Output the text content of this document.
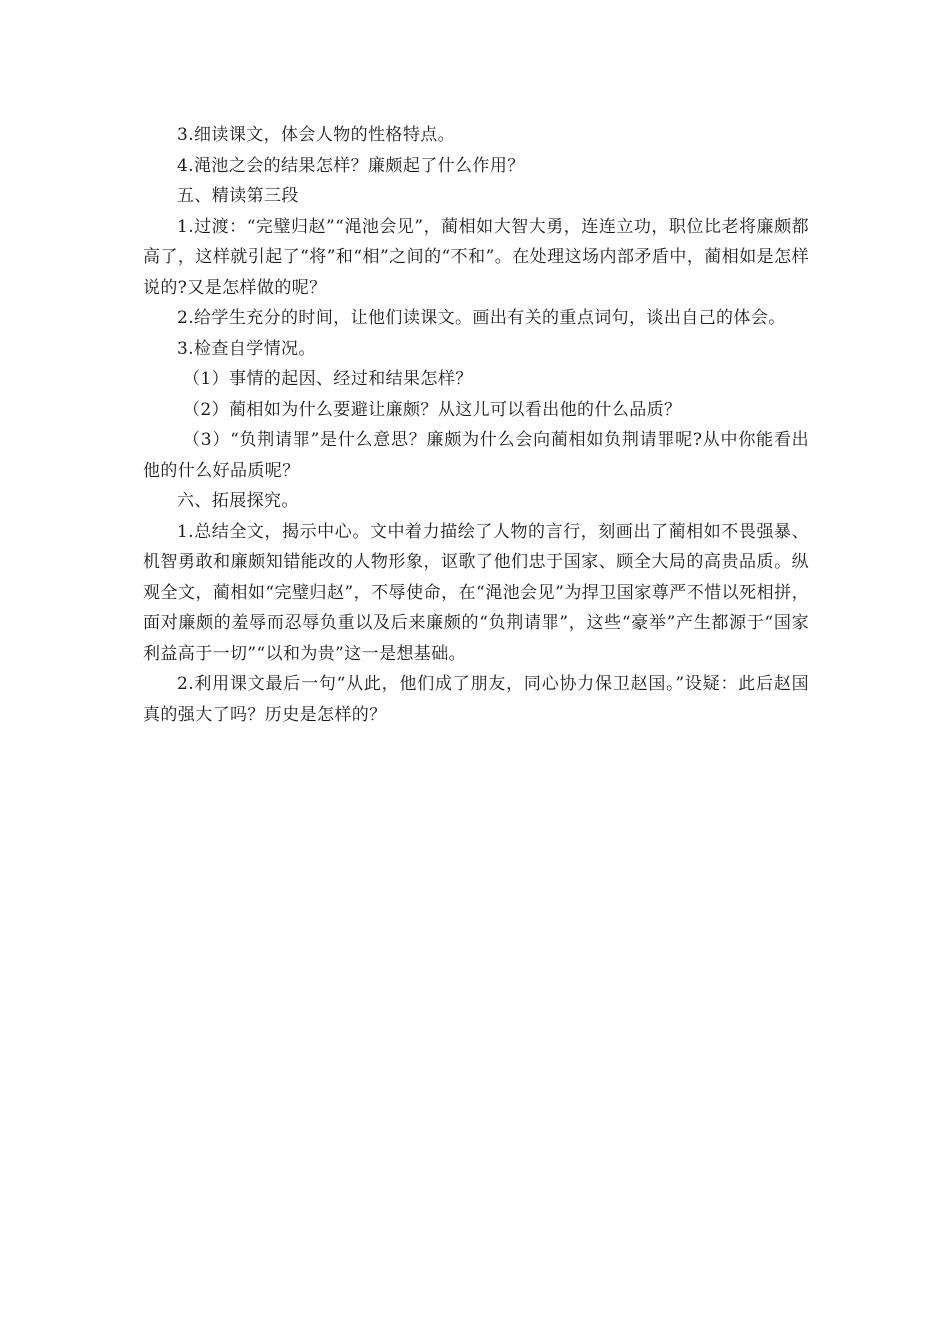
3.细读课文，体会人物的性格特点。

4.渑池之会的结果怎样？廉颇起了什么作用？

五、精读第三段

1.过渡：“完璧归赵”“渑池会见”，蔺相如大智大勇，连连立功，职位比老将廉颇都高了，这样就引起了“将”和“相”之间的“不和”。在处理这场内部矛盾中，蔺相如是怎样说的?又是怎样做的呢？

2.给学生充分的时间，让他们读课文。画出有关的重点词句，谈出自己的体会。

3.检查自学情况。

（1）事情的起因、经过和结果怎样？

（2）蔺相如为什么要避让廉颇？从这儿可以看出他的什么品质？

（3）“负荆请罪”是什么意思？廉颇为什么会向蔺相如负荆请罪呢?从中你能看出他的什么好品质呢？

六、拓展探究。

1.总结全文，揭示中心。文中着力描绘了人物的言行，刻画出了蔺相如不畏强暴、机智勇敢和廉颇知错能改的人物形象，讴歌了他们忠于国家、顾全大局的高贵品质。纵观全文，蔺相如“完璧归赵”，不辱使命，在“渑池会见”为捍卫国家尊严不惜以死相拼，面对廉颇的羞辱而忍辱负重以及后来廉颇的“负荆请罪”，这些“豪举”产生都源于“国家利益高于一切”“以和为贵”这一是想基础。

2.利用课文最后一句“从此，他们成了朋友，同心协力保卫赵国。”设疑：此后赵国真的强大了吗？历史是怎样的？
